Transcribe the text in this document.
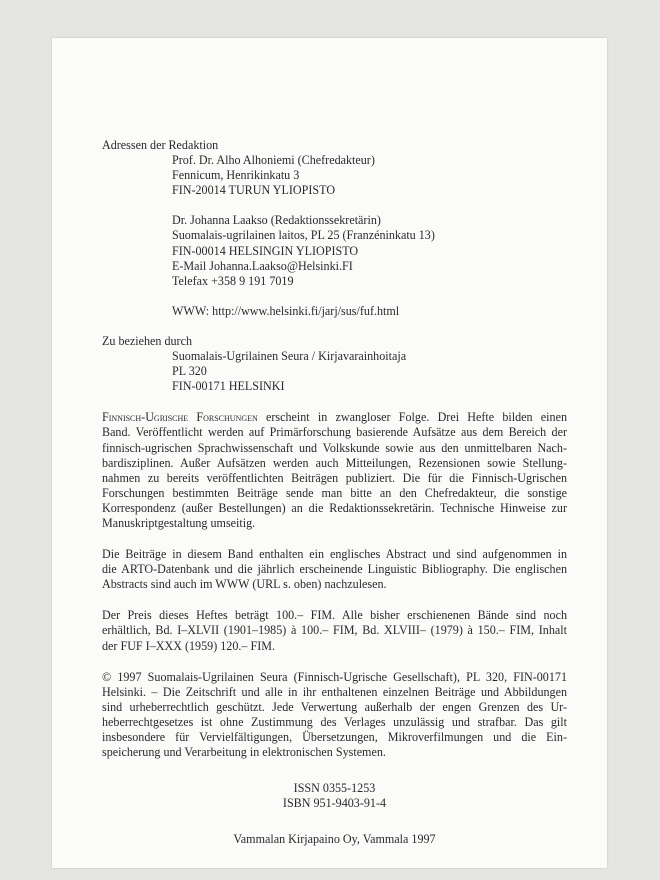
Adressen der Redaktion
Prof. Dr. Alho Alhoniemi (Chefredakteur)
Fennicum, Henrikinkatu 3
FIN-20014 TURUN YLIOPISTO
Dr. Johanna Laakso (Redaktionssekretärin)
Suomalais-ugrilainen laitos, PL 25 (Franzéninkatu 13)
FIN-00014 HELSINGIN YLIOPISTO
E-Mail Johanna.Laakso@Helsinki.FI
Telefax +358 9 191 7019
WWW: http://www.helsinki.fi/jarj/sus/fuf.html
Zu beziehen durch
Suomalais-Ugrilainen Seura / Kirjavarainhoitaja
PL 320
FIN-00171 HELSINKI
Finnisch-Ugrische Forschungen erscheint in zwangloser Folge. Drei Hefte bilden einen
Band. Veröffentlicht werden auf Primärforschung basierende Aufsätze aus dem Bereich der
finnisch-ugrischen Sprachwissenschaft und Volkskunde sowie aus den unmittelbaren Nach-
bardisziplinen. Außer Aufsätzen werden auch Mitteilungen, Rezensionen sowie Stellung-
nahmen zu bereits veröffentlichten Beiträgen publiziert. Die für die Finnisch-Ugrischen
Forschungen bestimmten Beiträge sende man bitte an den Chefredakteur, die sonstige
Korrespondenz (außer Bestellungen) an die Redaktionssekretärin. Technische Hinweise zur
Manuskriptgestaltung umseitig.
Die Beiträge in diesem Band enthalten ein englisches Abstract und sind aufgenommen in
die ARTO-Datenbank und die jährlich erscheinende Linguistic Bibliography. Die englischen
Abstracts sind auch im WWW (URL s. oben) nachzulesen.
Der Preis dieses Heftes beträgt 100.– FIM. Alle bisher erschienenen Bände sind noch
erhältlich, Bd. I–XLVII (1901–1985) à 100.– FIM, Bd. XLVIII– (1979) à 150.– FIM, Inhalt
der FUF I–XXX (1959) 120.– FIM.
© 1997 Suomalais-Ugrilainen Seura (Finnisch-Ugrische Gesellschaft), PL 320, FIN-00171
Helsinki. – Die Zeitschrift und alle in ihr enthaltenen einzelnen Beiträge und Abbildungen
sind urheberrechtlich geschützt. Jede Verwertung außerhalb der engen Grenzen des Ur-
heberrechtgesetzes ist ohne Zustimmung des Verlages unzulässig und strafbar. Das gilt
insbesondere für Vervielfältigungen, Übersetzungen, Mikroverfilmungen und die Ein-
speicherung und Verarbeitung in elektronischen Systemen.
ISSN 0355-1253
ISBN 951-9403-91-4
Vammalan Kirjapaino Oy, Vammala 1997
